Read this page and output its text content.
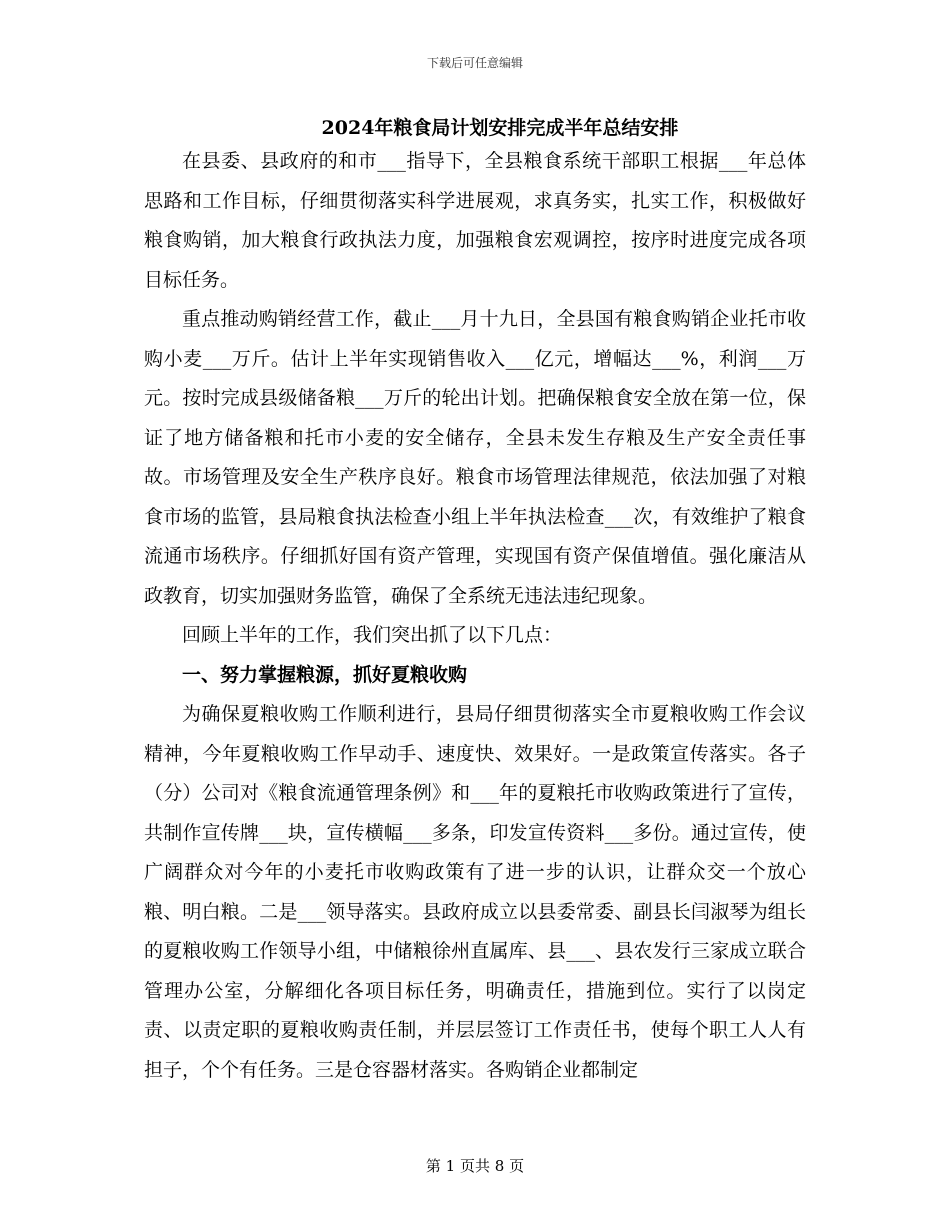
下载后可任意编辑
2024年粮食局计划安排完成半年总结安排

在县委、县政府的和市___指导下，全县粮食系统干部职工根据___年总体思路和工作目标，仔细贯彻落实科学进展观，求真务实，扎实工作，积极做好粮食购销，加大粮食行政执法力度，加强粮食宏观调控，按序时进度完成各项目标任务。

重点推动购销经营工作，截止___月十九日，全县国有粮食购销企业托市收购小麦___万斤。估计上半年实现销售收入___亿元，增幅达___%，利润___万元。按时完成县级储备粮___万斤的轮出计划。把确保粮食安全放在第一位，保证了地方储备粮和托市小麦的安全储存，全县未发生存粮及生产安全责任事故。市场管理及安全生产秩序良好。粮食市场管理法律规范，依法加强了对粮食市场的监管，县局粮食执法检查小组上半年执法检查___次，有效维护了粮食流通市场秩序。仔细抓好国有资产管理，实现国有资产保值增值。强化廉洁从政教育，切实加强财务监管，确保了全系统无违法违纪现象。

回顾上半年的工作，我们突出抓了以下几点：

一、努力掌握粮源，抓好夏粮收购

为确保夏粮收购工作顺利进行，县局仔细贯彻落实全市夏粮收购工作会议精神，今年夏粮收购工作早动手、速度快、效果好。一是政策宣传落实。各子（分）公司对《粮食流通管理条例》和___年的夏粮托市收购政策进行了宣传，共制作宣传牌___块，宣传横幅___多条，印发宣传资料___多份。通过宣传，使广阔群众对今年的小麦托市收购政策有了进一步的认识，让群众交一个放心粮、明白粮。二是___领导落实。县政府成立以县委常委、副县长闫淑琴为组长的夏粮收购工作领导小组，中储粮徐州直属库、县___、县农发行三家成立联合管理办公室，分解细化各项目标任务，明确责任，措施到位。实行了以岗定责、以责定职的夏粮收购责任制，并层层签订工作责任书，使每个职工人人有担子，个个有任务。三是仓容器材落实。各购销企业都制定

第 1 页共 8 页
